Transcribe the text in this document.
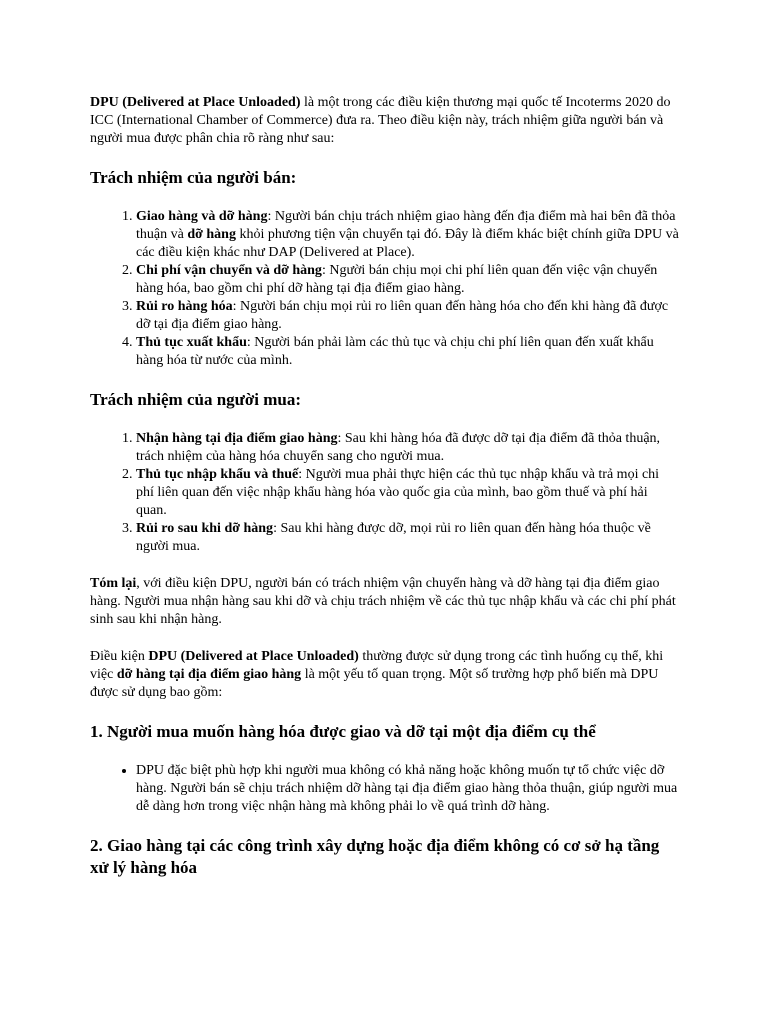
DPU (Delivered at Place Unloaded) là một trong các điều kiện thương mại quốc tế Incoterms 2020 do ICC (International Chamber of Commerce) đưa ra. Theo điều kiện này, trách nhiệm giữa người bán và người mua được phân chia rõ ràng như sau:

Trách nhiệm của người bán:
1. Giao hàng và dỡ hàng: Người bán chịu trách nhiệm giao hàng đến địa điểm mà hai bên đã thỏa thuận và dỡ hàng khỏi phương tiện vận chuyển tại đó. Đây là điểm khác biệt chính giữa DPU và các điều kiện khác như DAP (Delivered at Place).
2. Chi phí vận chuyển và dỡ hàng: Người bán chịu mọi chi phí liên quan đến việc vận chuyển hàng hóa, bao gồm chi phí dỡ hàng tại địa điểm giao hàng.
3. Rủi ro hàng hóa: Người bán chịu mọi rủi ro liên quan đến hàng hóa cho đến khi hàng đã được dỡ tại địa điểm giao hàng.
4. Thủ tục xuất khẩu: Người bán phải làm các thủ tục và chịu chi phí liên quan đến xuất khẩu hàng hóa từ nước của mình.
Trách nhiệm của người mua:
1. Nhận hàng tại địa điểm giao hàng: Sau khi hàng hóa đã được dỡ tại địa điểm đã thỏa thuận, trách nhiệm của hàng hóa chuyển sang cho người mua.
2. Thủ tục nhập khẩu và thuế: Người mua phải thực hiện các thủ tục nhập khẩu và trả mọi chi phí liên quan đến việc nhập khẩu hàng hóa vào quốc gia của mình, bao gồm thuế và phí hải quan.
3. Rủi ro sau khi dỡ hàng: Sau khi hàng được dỡ, mọi rủi ro liên quan đến hàng hóa thuộc về người mua.

Tóm lại, với điều kiện DPU, người bán có trách nhiệm vận chuyển hàng và dỡ hàng tại địa điểm giao hàng. Người mua nhận hàng sau khi dỡ và chịu trách nhiệm về các thủ tục nhập khẩu và các chi phí phát sinh sau khi nhận hàng.

Điều kiện DPU (Delivered at Place Unloaded) thường được sử dụng trong các tình huống cụ thể, khi việc dỡ hàng tại địa điểm giao hàng là một yếu tố quan trọng. Một số trường hợp phổ biến mà DPU được sử dụng bao gồm:

1. Người mua muốn hàng hóa được giao và dỡ tại một địa điểm cụ thể
• DPU đặc biệt phù hợp khi người mua không có khả năng hoặc không muốn tự tổ chức việc dỡ hàng. Người bán sẽ chịu trách nhiệm dỡ hàng tại địa điểm giao hàng thỏa thuận, giúp người mua dễ dàng hơn trong việc nhận hàng mà không phải lo về quá trình dỡ hàng.
2. Giao hàng tại các công trình xây dựng hoặc địa điểm không có cơ sở hạ tầng xử lý hàng hóa
